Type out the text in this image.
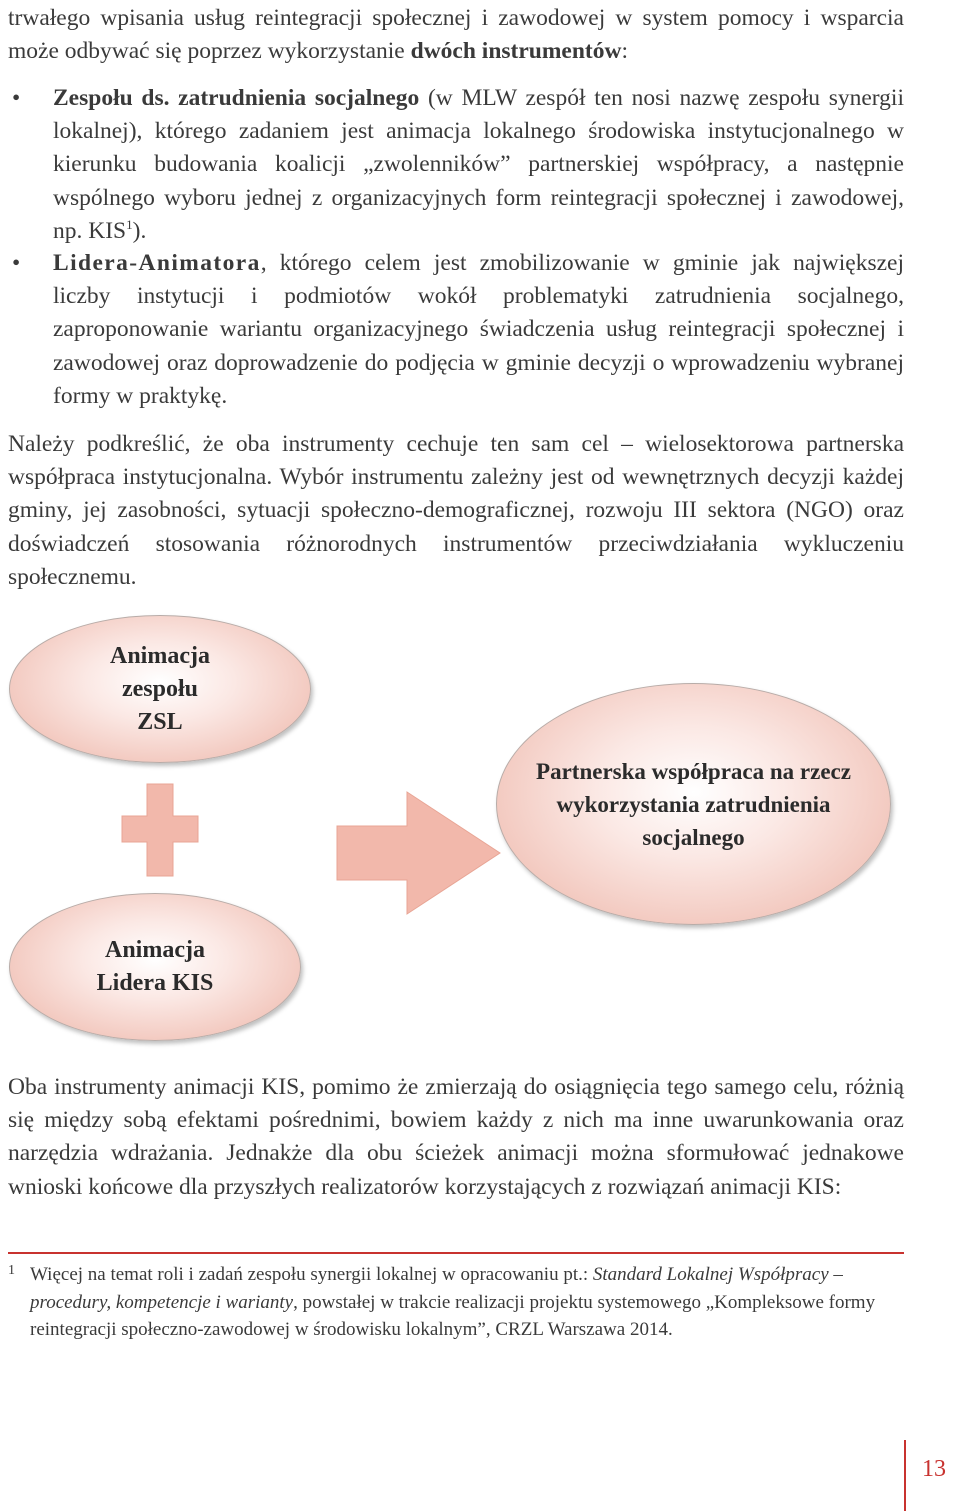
trwałego wpisania usług reintegracji społecznej i zawodowej w system pomocy i wsparcia może odbywać się poprzez wykorzystanie dwóch instrumentów:
• Zespołu ds. zatrudnienia socjalnego (w MLW zespół ten nosi nazwę zespołu synergii lokalnej), którego zadaniem jest animacja lokalnego środowiska instytucjonalnego w kierunku budowania koalicji „zwolenników” partnerskiej współpracy, a następnie wspólnego wyboru jednej z organizacyjnych form reintegracji społecznej i zawodowej, np. KIS$^1$).
• Lidera-Animatora, którego celem jest zmobilizowanie w gminie jak największej liczby instytucji i podmiotów wokół problematyki zatrudnienia socjalnego, zaproponowanie wariantu organizacyjnego świadczenia usług reintegracji społecznej i zawodowej oraz doprowadzenie do podjęcia w gminie decyzji o wprowadzeniu wybranej formy w praktykę.
Należy podkreślić, że oba instrumenty cechuje ten sam cel – wielosektorowa partnerska współpraca instytucjonalna. Wybór instrumentu zależny jest od wewnętrznych decyzji każdej gminy, jej zasobności, sytuacji społeczno-demograficznej, rozwoju III sektora (NGO) oraz doświadczeń stosowania różnorodnych instrumentów przeciwdziałania wykluczeniu społecznemu.
Animacja
zespołu
ZSL
Partnerska współpraca na rzecz
wykorzystania zatrudnienia
socjalnego
Animacja
Lidera KIS
Oba instrumenty animacji KIS, pomimo że zmierzają do osiągnięcia tego samego celu, różnią się między sobą efektami pośrednimi, bowiem każdy z nich ma inne uwarunkowania oraz narzędzia wdrażania. Jednakże dla obu ścieżek animacji można sformułować jednakowe wnioski końcowe dla przyszłych realizatorów korzystających z rozwiązań animacji KIS:
1 Więcej na temat roli i zadań zespołu synergii lokalnej w opracowaniu pt.: Standard Lokalnej Współpracy – procedury, kompetencje i warianty, powstałej w trakcie realizacji projektu systemowego „Kompleksowe formy reintegracji społeczno-zawodowej w środowisku lokalnym”, CRZL Warszawa 2014.
13
